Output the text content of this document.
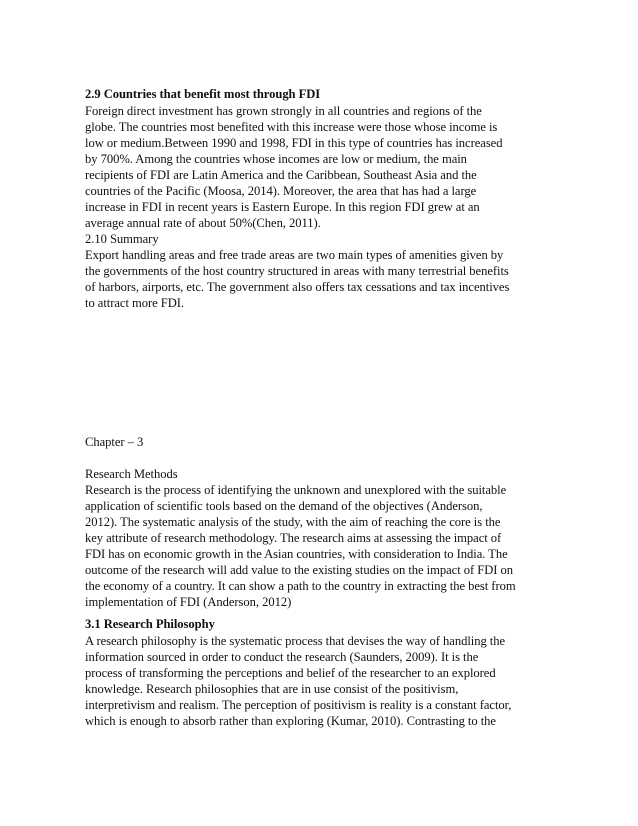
2.9 Countries that benefit most through FDI
Foreign direct investment has grown strongly in all countries and regions of the
globe. The countries most benefited with this increase were those whose income is
low or medium.Between 1990 and 1998, FDI in this type of countries has increased
by 700%. Among the countries whose incomes are low or medium, the main
recipients of FDI are Latin America and the Caribbean, Southeast Asia and the
countries of the Pacific (Moosa, 2014). Moreover, the area that has had a large
increase in FDI in recent years is Eastern Europe. In this region FDI grew at an
average annual rate of about 50%(Chen, 2011).
2.10 Summary
Export handling areas and free trade areas are two main types of amenities given by
the governments of the host country structured in areas with many terrestrial benefits
of harbors, airports, etc. The government also offers tax cessations and tax incentives
to attract more FDI.
Chapter – 3
Research Methods
Research is the process of identifying the unknown and unexplored with the suitable
application of scientific tools based on the demand of the objectives (Anderson,
2012). The systematic analysis of the study, with the aim of reaching the core is the
key attribute of research methodology. The research aims at assessing the impact of
FDI has on economic growth in the Asian countries, with consideration to India. The
outcome of the research will add value to the existing studies on the impact of FDI on
the economy of a country. It can show a path to the country in extracting the best from
implementation of FDI (Anderson, 2012)
3.1 Research Philosophy
A research philosophy is the systematic process that devises the way of handling the
information sourced in order to conduct the research (Saunders, 2009). It is the
process of transforming the perceptions and belief of the researcher to an explored
knowledge. Research philosophies that are in use consist of the positivism,
interpretivism and realism. The perception of positivism is reality is a constant factor,
which is enough to absorb rather than exploring (Kumar, 2010). Contrasting to the
